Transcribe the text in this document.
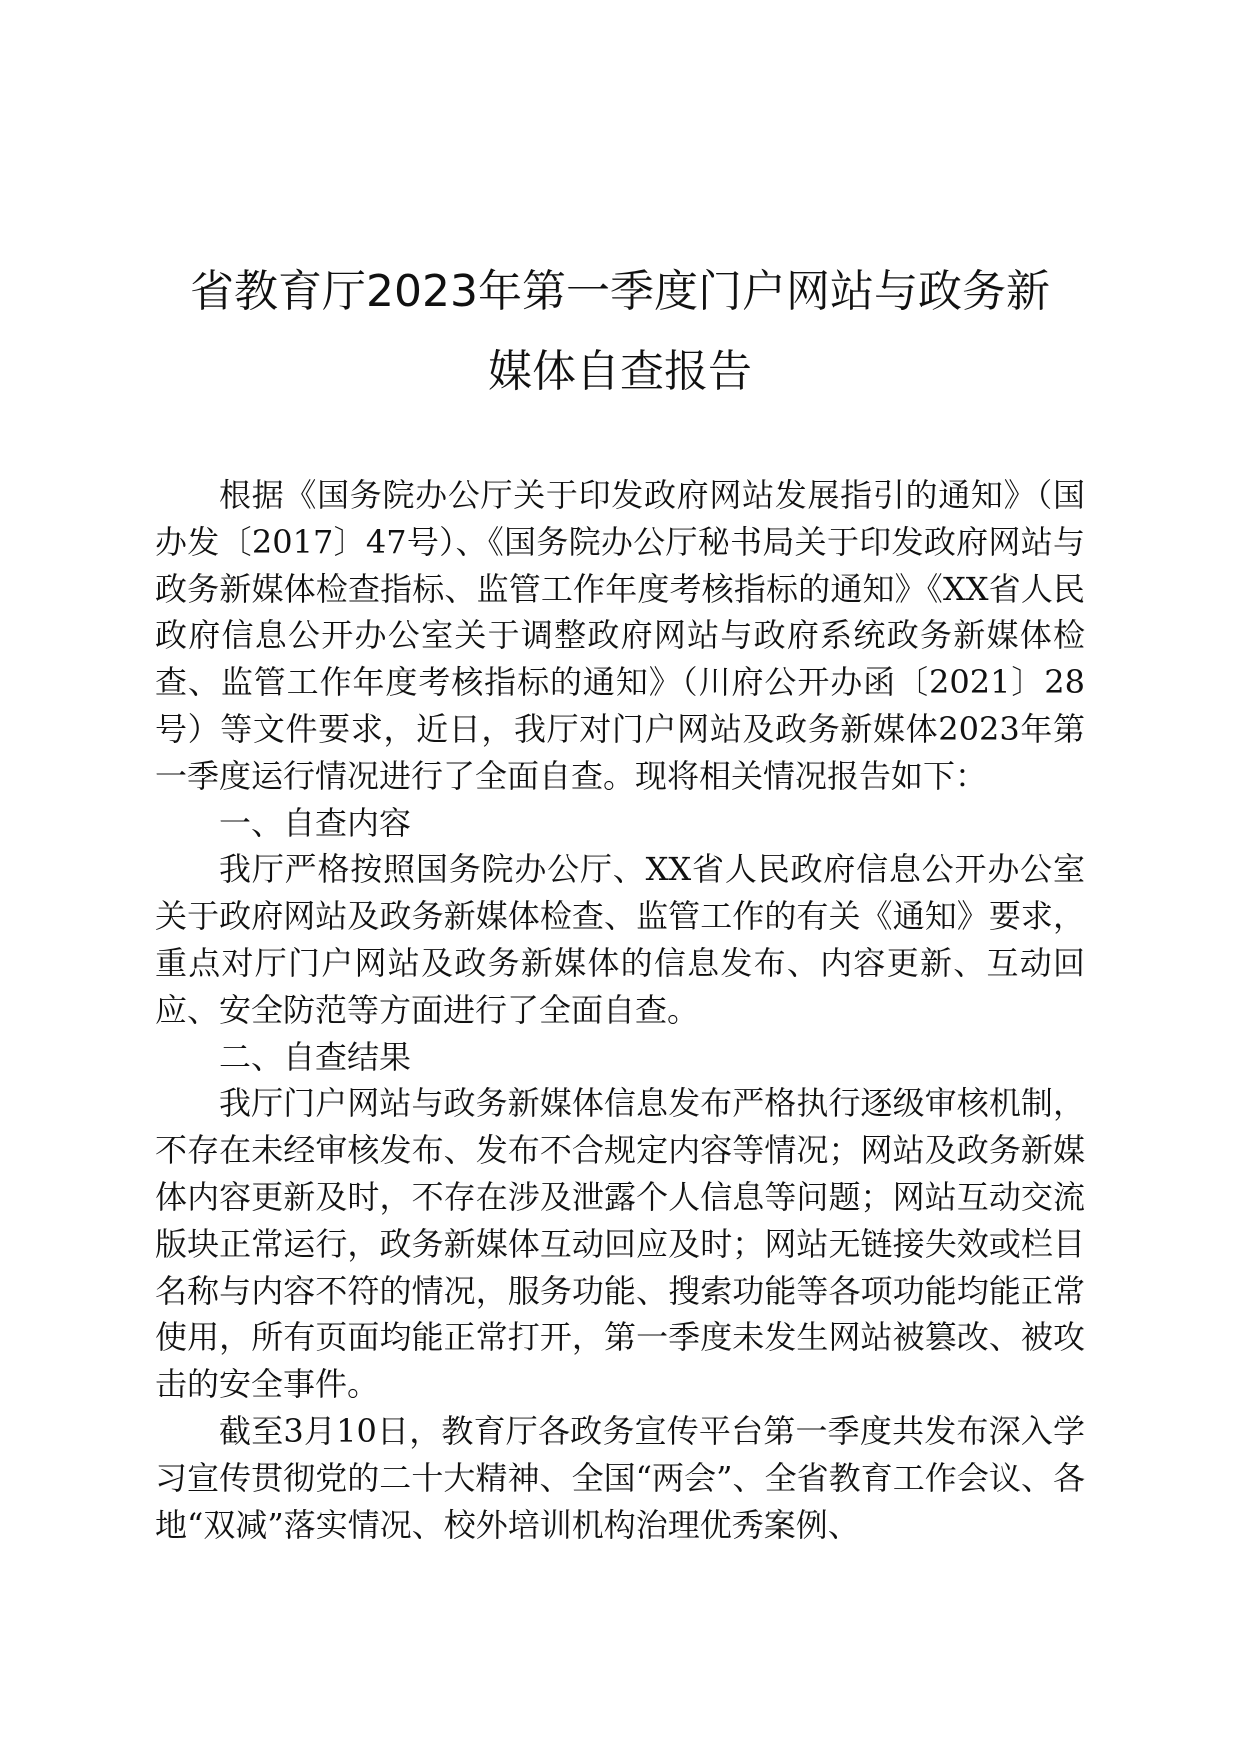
省教育厅2023年第一季度门户网站与政务新
媒体自查报告

根据《国务院办公厅关于印发政府网站发展指引的通知》（国办发〔2017〕47号）、《国务院办公厅秘书局关于印发政府网站与政务新媒体检查指标、监管工作年度考核指标的通知》《XX省人民政府信息公开办公室关于调整政府网站与政府系统政务新媒体检查、监管工作年度考核指标的通知》（川府公开办函〔2021〕28号）等文件要求，近日，我厅对门户网站及政务新媒体2023年第一季度运行情况进行了全面自查。现将相关情况报告如下：

一、自查内容

我厅严格按照国务院办公厅、XX省人民政府信息公开办公室关于政府网站及政务新媒体检查、监管工作的有关《通知》要求，重点对厅门户网站及政务新媒体的信息发布、内容更新、互动回应、安全防范等方面进行了全面自查。

二、自查结果

我厅门户网站与政务新媒体信息发布严格执行逐级审核机制，不存在未经审核发布、发布不合规定内容等情况；网站及政务新媒体内容更新及时，不存在涉及泄露个人信息等问题；网站互动交流版块正常运行，政务新媒体互动回应及时；网站无链接失效或栏目名称与内容不符的情况，服务功能、搜索功能等各项功能均能正常使用，所有页面均能正常打开，第一季度未发生网站被篡改、被攻击的安全事件。

截至3月10日，教育厅各政务宣传平台第一季度共发布深入学习宣传贯彻党的二十大精神、全国“两会”、全省教育工作会议、各地“双减”落实情况、校外培训机构治理优秀案例、
